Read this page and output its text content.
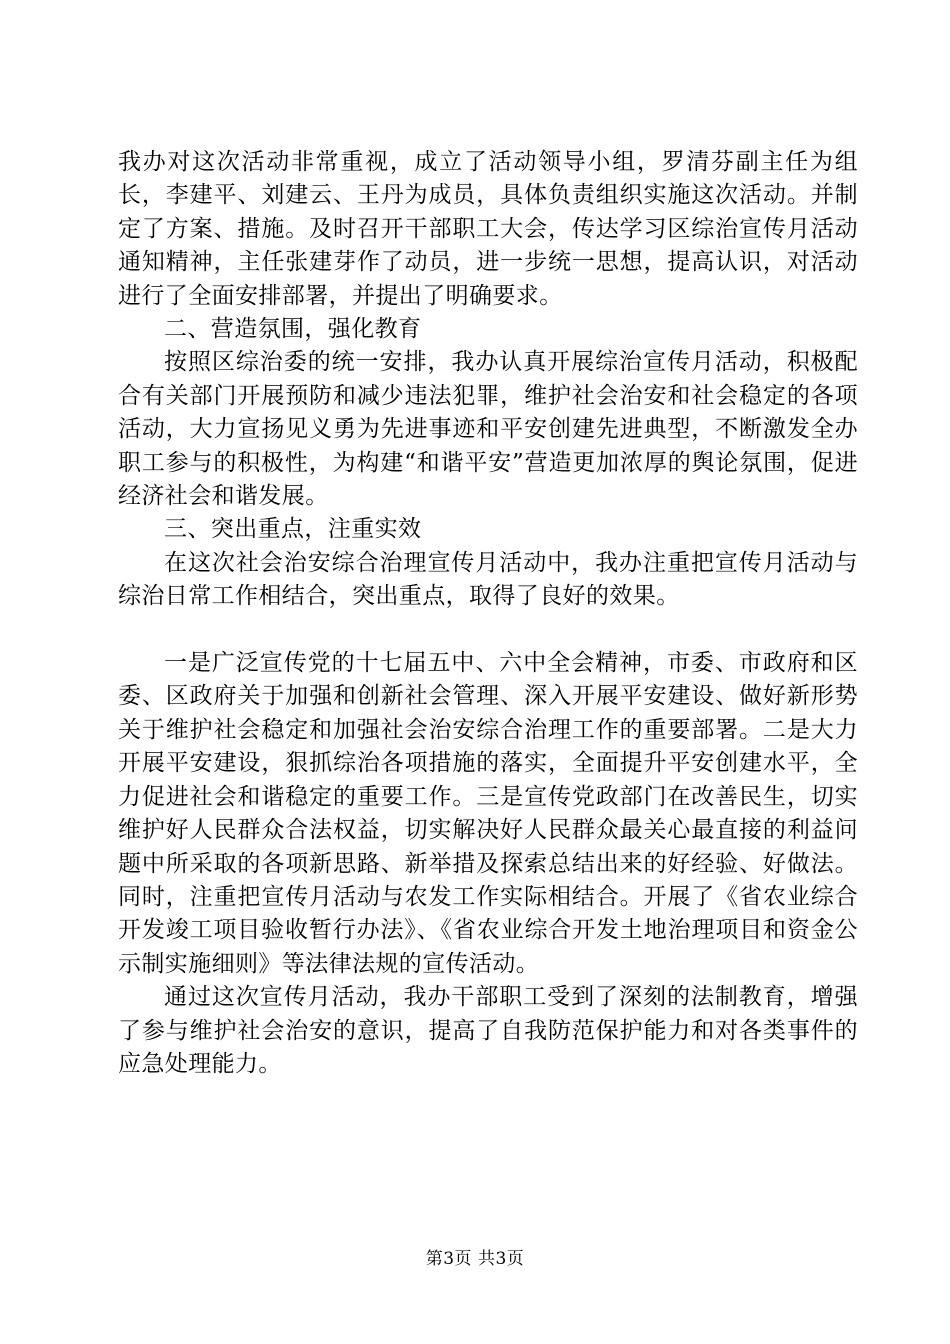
我办对这次活动非常重视，成立了活动领导小组，罗清芬副主任为组长，李建平、刘建云、王丹为成员，具体负责组织实施这次活动。并制定了方案、措施。及时召开干部职工大会，传达学习区综治宣传月活动通知精神，主任张建芽作了动员，进一步统一思想，提高认识，对活动进行了全面安排部署，并提出了明确要求。

二、营造氛围，强化教育

按照区综治委的统一安排，我办认真开展综治宣传月活动，积极配合有关部门开展预防和减少违法犯罪，维护社会治安和社会稳定的各项活动，大力宣扬见义勇为先进事迹和平安创建先进典型，不断激发全办职工参与的积极性，为构建“和谐平安”营造更加浓厚的舆论氛围，促进经济社会和谐发展。

三、突出重点，注重实效

在这次社会治安综合治理宣传月活动中，我办注重把宣传月活动与综治日常工作相结合，突出重点，取得了良好的效果。

一是广泛宣传党的十七届五中、六中全会精神，市委、市政府和区委、区政府关于加强和创新社会管理、深入开展平安建设、做好新形势关于维护社会稳定和加强社会治安综合治理工作的重要部署。二是大力开展平安建设，狠抓综治各项措施的落实，全面提升平安创建水平，全力促进社会和谐稳定的重要工作。三是宣传党政部门在改善民生，切实维护好人民群众合法权益，切实解决好人民群众最关心最直接的利益问题中所采取的各项新思路、新举措及探索总结出来的好经验、好做法。同时，注重把宣传月活动与农发工作实际相结合。开展了《省农业综合开发竣工项目验收暂行办法》、《省农业综合开发土地治理项目和资金公示制实施细则》等法律法规的宣传活动。

通过这次宣传月活动，我办干部职工受到了深刻的法制教育，增强了参与维护社会治安的意识，提高了自我防范保护能力和对各类事件的应急处理能力。

第3页 共3页
